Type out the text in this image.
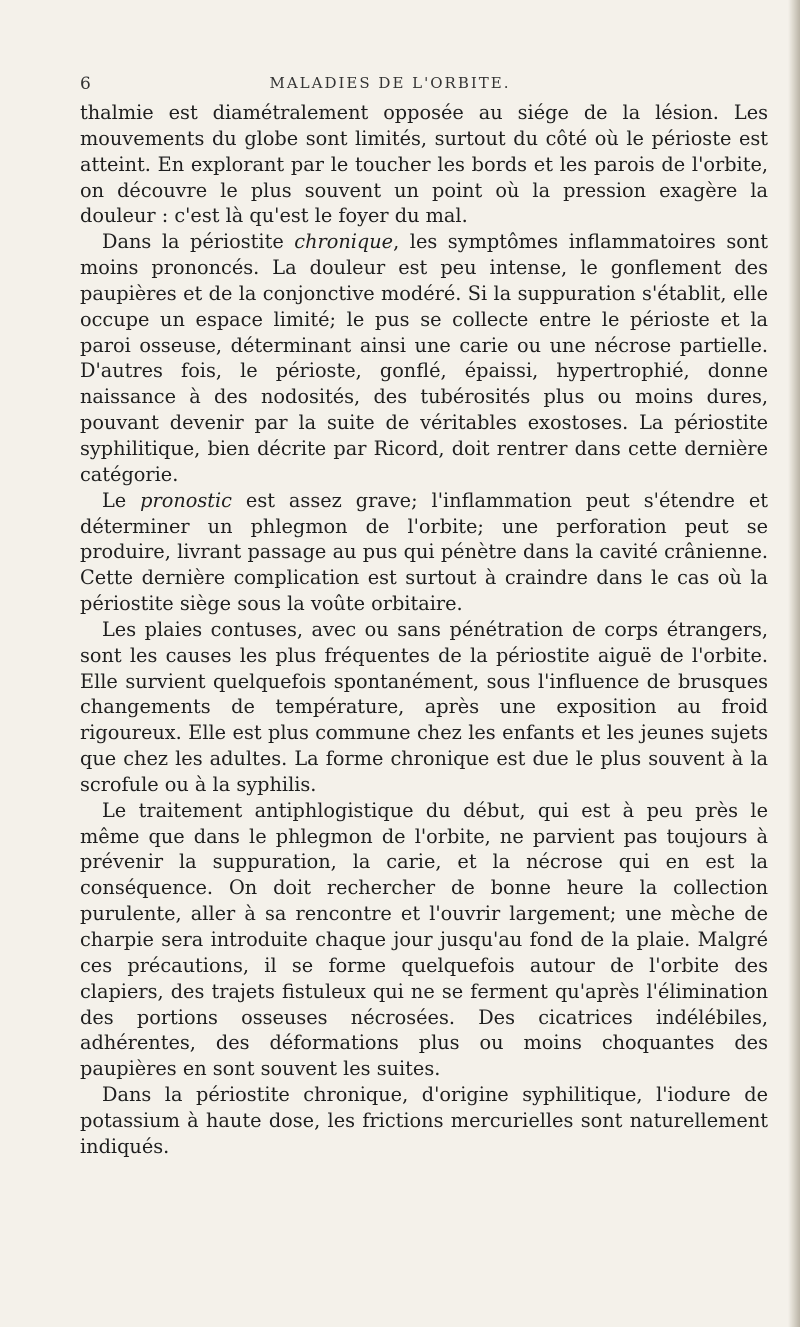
6	MALADIES DE L'ORBITE.

thalmie est diamétralement opposée au siége de la lésion. Les mouvements du globe sont limités, surtout du côté où le périoste est atteint. En explorant par le toucher les bords et les parois de l'orbite, on découvre le plus souvent un point où la pression exagère la douleur : c'est là qu'est le foyer du mal.

Dans la périostite chronique, les symptômes inflammatoires sont moins prononcés. La douleur est peu intense, le gonflement des paupières et de la conjonctive modéré. Si la suppuration s'établit, elle occupe un espace limité; le pus se collecte entre le périoste et la paroi osseuse, déterminant ainsi une carie ou une nécrose partielle. D'autres fois, le périoste, gonflé, épaissi, hypertrophié, donne naissance à des nodosités, des tubérosités plus ou moins dures, pouvant devenir par la suite de véritables exostoses. La périostite syphilitique, bien décrite par Ricord, doit rentrer dans cette dernière catégorie.

Le pronostic est assez grave; l'inflammation peut s'étendre et déterminer un phlegmon de l'orbite; une perforation peut se produire, livrant passage au pus qui pénètre dans la cavité crânienne. Cette dernière complication est surtout à craindre dans le cas où la périostite siège sous la voûte orbitaire.

Les plaies contuses, avec ou sans pénétration de corps étrangers, sont les causes les plus fréquentes de la périostite aiguë de l'orbite. Elle survient quelquefois spontanément, sous l'influence de brusques changements de température, après une exposition au froid rigoureux. Elle est plus commune chez les enfants et les jeunes sujets que chez les adultes. La forme chronique est due le plus souvent à la scrofule ou à la syphilis.

Le traitement antiphlogistique du début, qui est à peu près le même que dans le phlegmon de l'orbite, ne parvient pas toujours à prévenir la suppuration, la carie, et la nécrose qui en est la conséquence. On doit rechercher de bonne heure la collection purulente, aller à sa rencontre et l'ouvrir largement; une mèche de charpie sera introduite chaque jour jusqu'au fond de la plaie. Malgré ces précautions, il se forme quelquefois autour de l'orbite des clapiers, des trajets fistuleux qui ne se ferment qu'après l'élimination des portions osseuses nécrosées. Des cicatrices indélébiles, adhérentes, des déformations plus ou moins choquantes des paupières en sont souvent les suites.

Dans la périostite chronique, d'origine syphilitique, l'iodure de potassium à haute dose, les frictions mercurielles sont naturellement indiqués.
